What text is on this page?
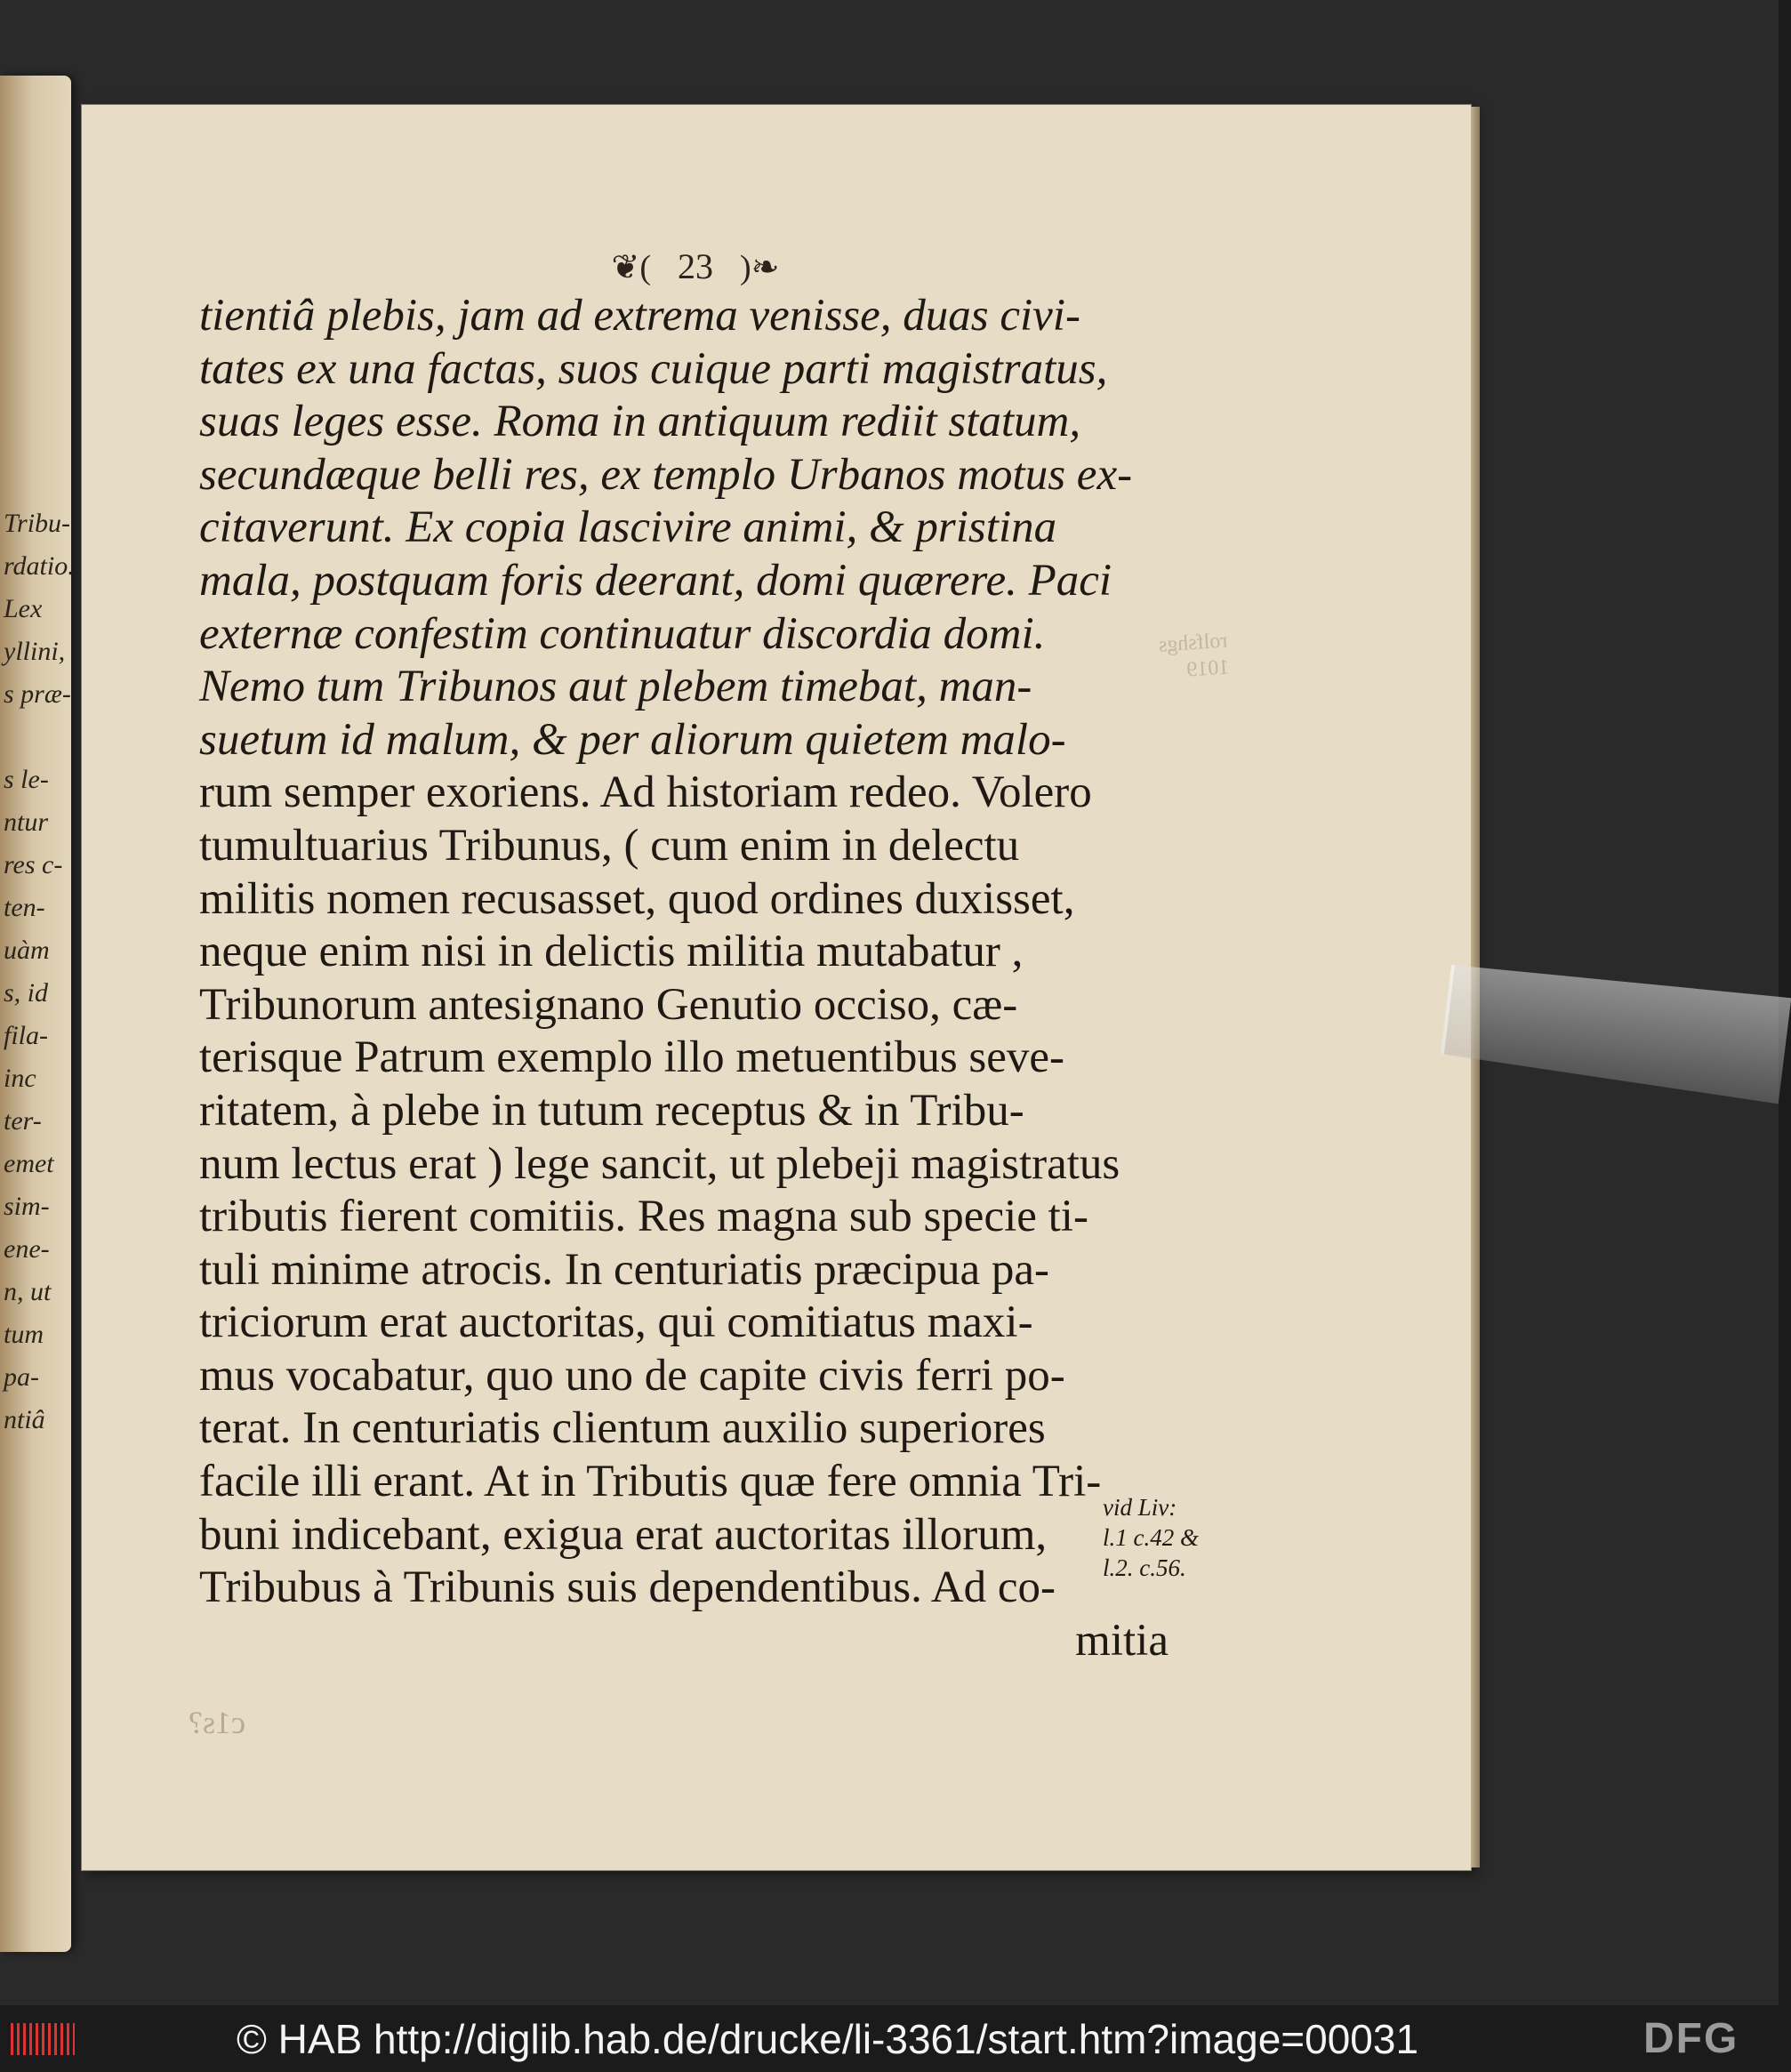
Tribu-
rdatio.
Lex
yllini,
s præ-
s le-
ntur
res c-
ten-
uàm
s, id
fila-
inc
ter-
emet
sim-
ene-
n, ut
tum
pa-
ntiâ
❦( 23 )❧
rolfshgs
1019
tientiâ plebis, jam ad extrema venisse, duas civi-
tates ex una factas, suos cuique parti magistratus,
suas leges esse. Roma in antiquum rediit statum,
secundæque belli res, ex templo Urbanos motus ex-
citaverunt. Ex copia lascivire animi, & pristina
mala, postquam foris deerant, domi quærere. Paci
externæ confestim continuatur discordia domi.
Nemo tum Tribunos aut plebem timebat, man-
suetum id malum, & per aliorum quietem malo-
rum semper exoriens. Ad historiam redeo. Volero
tumultuarius Tribunus, ( cum enim in delectu
militis nomen recusasset, quod ordines duxisset,
neque enim nisi in delictis militia mutabatur ,
Tribunorum antesignano Genutio occiso, cæ-
terisque Patrum exemplo illo metuentibus seve-
ritatem, à plebe in tutum receptus & in Tribu-
num lectus erat ) lege sancit, ut plebeji magistratus
tributis fierent comitiis. Res magna sub specie ti-
tuli minime atrocis. In centuriatis præcipua pa-
triciorum erat auctoritas, qui comitiatus maxi-
mus vocabatur, quo uno de capite civis ferri po-
terat. In centuriatis clientum auxilio superiores
facile illi erant. At in Tributis quæ fere omnia Tri-
buni indicebant, exigua erat auctoritas illorum,
Tribubus à Tribunis suis dependentibus. Ad co-
mitia
vid Liv:
l.1 c.42 &
l.2. c.56.
c1s?
© HAB http://diglib.hab.de/drucke/li-3361/start.htm?image=00031	DFG
